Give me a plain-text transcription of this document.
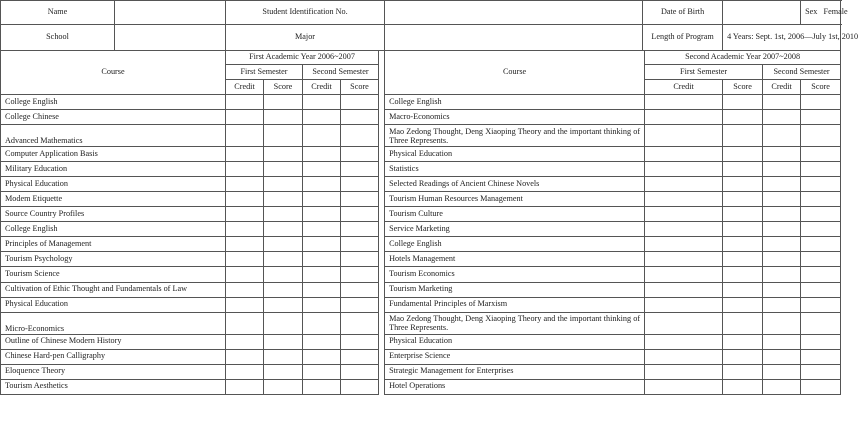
Name		Student Identification No.						Date of Birth				Sex Female
School		Major						Length of Program		4 Years: Sept. 1st, 2006—July 1st, 2010		
Course		First Academic Year 2006~2007					Course		Second Academic Year 2007~2008			
		First Semester		Second Semester					First Semester		Second Semester	
		Credit	Score	Credit	Score				Credit	Score	Credit	Score
College English							College English					
College Chinese							Macro-Economics					
Advanced Mathematics							Mao Zedong Thought, Deng Xiaoping Theory and the important thinking of Three Represents.					
Computer Application Basis							Physical Education					
Military Education							Statistics					
Physical Education							Selected Readings of Ancient Chinese Novels					
Modem Etiquette							Tourism Human Resources Management					
Source Country Profiles							Tourism Culture					
College English							Service Marketing					
Principles of Management							College English					
Tourism Psychology							Hotels Management					
Tourism Science							Tourism Economics					
Cultivation of Ethic Thought and Fundamentals of Law							Tourism Marketing					
Physical Education							Fundamental Principles of Marxism					
Micro-Economics							Mao Zedong Thought, Deng Xiaoping Theory and the important thinking of Three Represents.					
Outline of Chinese Modern History							Physical Education					
Chinese Hard-pen Calligraphy							Enterprise Science					
Eloquence Theory							Strategic Management for Enterprises					
Tourism Aesthetics							Hotel Operations					
